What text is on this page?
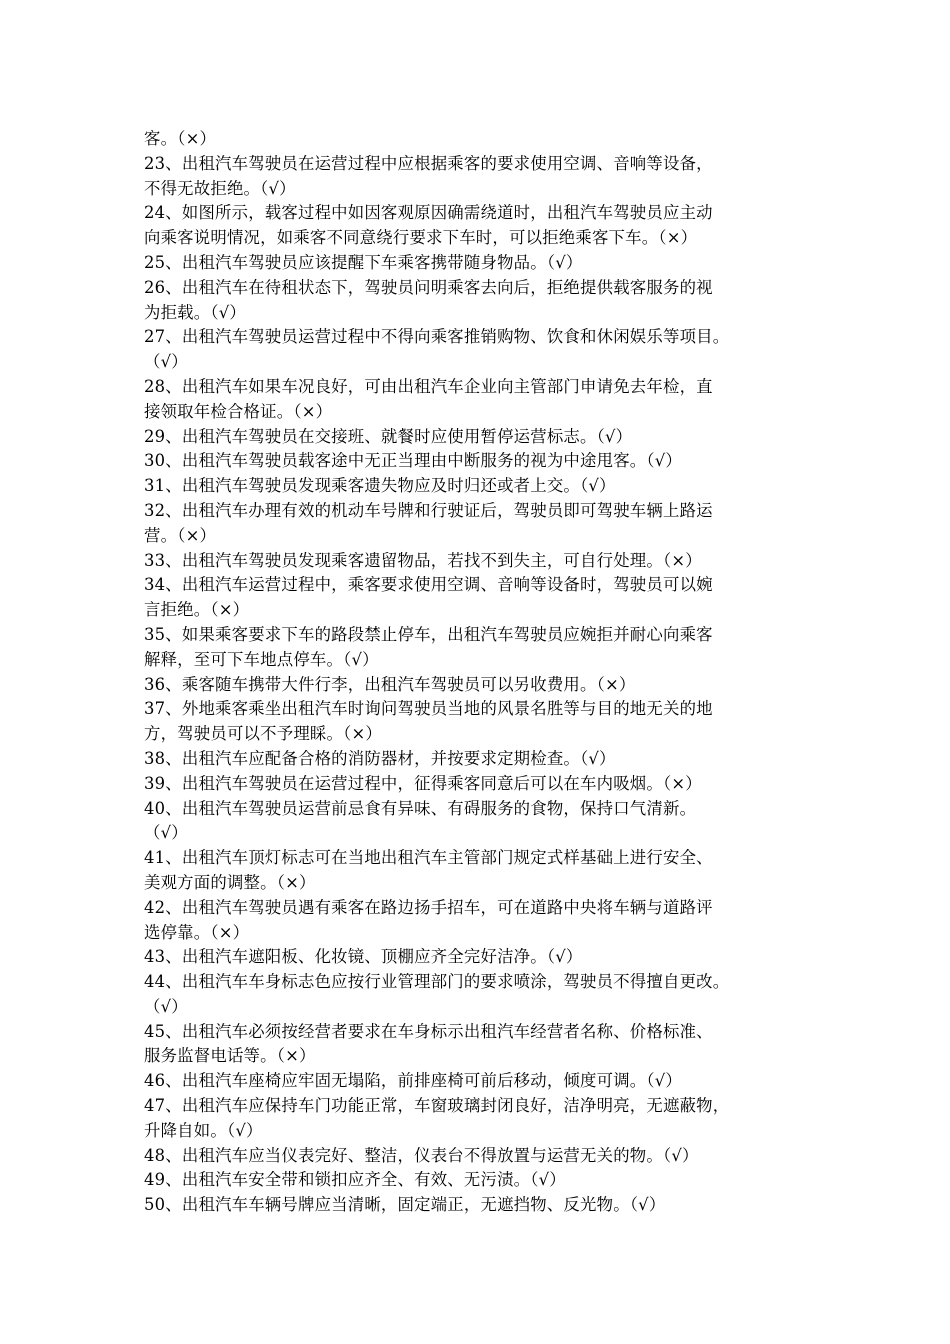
客。（×）
23、出租汽车驾驶员在运营过程中应根据乘客的要求使用空调、音响等设备，
不得无故拒绝。（√）
24、如图所示，载客过程中如因客观原因确需绕道时，出租汽车驾驶员应主动
向乘客说明情况，如乘客不同意绕行要求下车时，可以拒绝乘客下车。（×）
25、出租汽车驾驶员应该提醒下车乘客携带随身物品。（√）
26、出租汽车在待租状态下，驾驶员问明乘客去向后，拒绝提供载客服务的视
为拒载。（√）
27、出租汽车驾驶员运营过程中不得向乘客推销购物、饮食和休闲娱乐等项目。
（√）
28、出租汽车如果车况良好，可由出租汽车企业向主管部门申请免去年检，直
接领取年检合格证。（×）
29、出租汽车驾驶员在交接班、就餐时应使用暂停运营标志。（√）
30、出租汽车驾驶员载客途中无正当理由中断服务的视为中途甩客。（√）
31、出租汽车驾驶员发现乘客遗失物应及时归还或者上交。（√）
32、出租汽车办理有效的机动车号牌和行驶证后，驾驶员即可驾驶车辆上路运
营。（×）
33、出租汽车驾驶员发现乘客遗留物品，若找不到失主，可自行处理。（×）
34、出租汽车运营过程中，乘客要求使用空调、音响等设备时，驾驶员可以婉
言拒绝。（×）
35、如果乘客要求下车的路段禁止停车，出租汽车驾驶员应婉拒并耐心向乘客
解释，至可下车地点停车。（√）
36、乘客随车携带大件行李，出租汽车驾驶员可以另收费用。（×）
37、外地乘客乘坐出租汽车时询问驾驶员当地的风景名胜等与目的地无关的地
方，驾驶员可以不予理睬。（×）
38、出租汽车应配备合格的消防器材，并按要求定期检查。（√）
39、出租汽车驾驶员在运营过程中，征得乘客同意后可以在车内吸烟。（×）
40、出租汽车驾驶员运营前忌食有异味、有碍服务的食物，保持口气清新。
（√）
41、出租汽车顶灯标志可在当地出租汽车主管部门规定式样基础上进行安全、
美观方面的调整。（×）
42、出租汽车驾驶员遇有乘客在路边扬手招车，可在道路中央将车辆与道路评
选停靠。（×）
43、出租汽车遮阳板、化妆镜、顶棚应齐全完好洁净。（√）
44、出租汽车车身标志色应按行业管理部门的要求喷涂，驾驶员不得擅自更改。
（√）
45、出租汽车必须按经营者要求在车身标示出租汽车经营者名称、价格标准、
服务监督电话等。（×）
46、出租汽车座椅应牢固无塌陷，前排座椅可前后移动，倾度可调。（√）
47、出租汽车应保持车门功能正常，车窗玻璃封闭良好，洁净明亮，无遮蔽物，
升降自如。（√）
48、出租汽车应当仪表完好、整洁，仪表台不得放置与运营无关的物。（√）
49、出租汽车安全带和锁扣应齐全、有效、无污渍。（√）
50、出租汽车车辆号牌应当清晰，固定端正，无遮挡物、反光物。（√）
